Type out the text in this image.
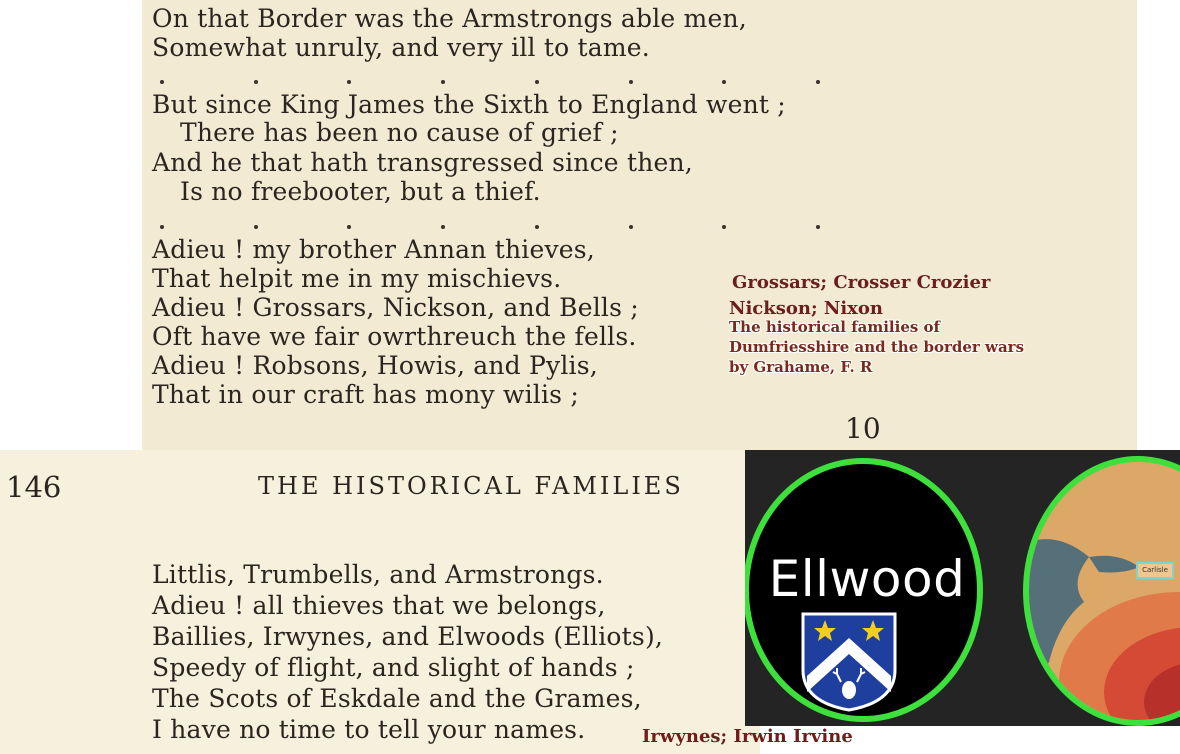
On that Border was the Armstrongs able men,
Somewhat unruly, and very ill to tame.
But since King James the Sixth to England went ;
There has been no cause of grief ;
And he that hath transgressed since then,
Is no freebooter, but a thief.
Adieu ! my brother Annan thieves,
That helpit me in my mischievs.
Adieu ! Grossars, Nickson, and Bells ;
Oft have we fair owrthreuch the fells.
Adieu ! Robsons, Howis, and Pylis,
That in our craft has mony wilis ;
10
Grossars; Crosser Crozier
Nickson; Nixon
The historical families of
Dumfriesshire and the border wars
by Grahame, F. R
146	THE HISTORICAL FAMILIES
Littlis, Trumbells, and Armstrongs.
Adieu ! all thieves that we belongs,
Baillies, Irwynes, and Elwoods (Elliots),
Speedy of flight, and slight of hands ;
The Scots of Eskdale and the Grames,
I have no time to tell your names.	Irwynes; Irwin Irvine
Ellwood	Carlisle
